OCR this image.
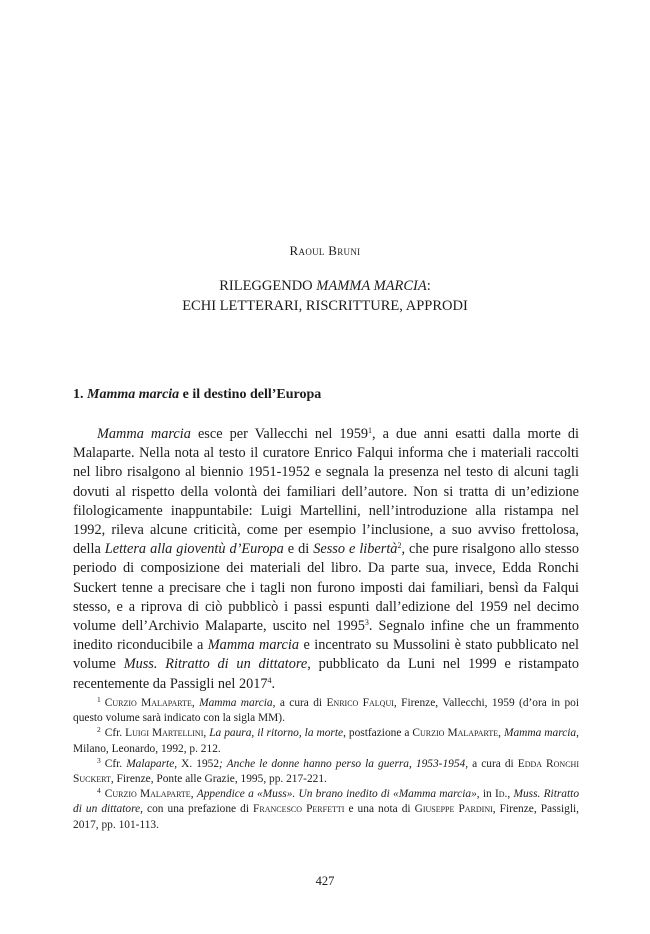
Raoul Bruni
RILEGGENDO MAMMA MARCIA:
ECHI LETTERARI, RISCRITTURE, APPRODI
1. Mamma marcia e il destino dell’Europa

Mamma marcia esce per Vallecchi nel 1959$^1$, a due anni esatti dalla morte di Malaparte. Nella nota al testo il curatore Enrico Falqui informa che i materiali raccolti nel libro risalgono al biennio 1951-1952 e segnala la presenza nel testo di alcuni tagli dovuti al rispetto della volontà dei familiari dell’autore. Non si tratta di un’edizione filologicamente inappuntabile: Luigi Martellini, nell’introduzione alla ristampa nel 1992, rileva alcune criticità, come per esempio l’inclusione, a suo avviso frettolosa, della Lettera alla gioventù d’Europa e di Sesso e libertà$^2$, che pure risalgono allo stesso periodo di composizione dei materiali del libro. Da parte sua, invece, Edda Ronchi Suckert tenne a precisare che i tagli non furono imposti dai familiari, bensì da Falqui stesso, e a riprova di ciò pubblicò i passi espunti dall’edizione del 1959 nel decimo volume dell’Archivio Malaparte, uscito nel 1995$^3$. Segnalo infine che un frammento inedito riconducibile a Mamma marcia e incentrato su Mussolini è stato pubblicato nel volume Muss. Ritratto di un dittatore, pubblicato da Luni nel 1999 e ristampato recentemente da Passigli nel 2017$^4$.

$^1$ Curzio Malaparte, Mamma marcia, a cura di Enrico Falqui, Firenze, Vallecchi, 1959 (d’ora in poi questo volume sarà indicato con la sigla MM).

$^2$ Cfr. Luigi Martellini, La paura, il ritorno, la morte, postfazione a Curzio Malaparte, Mamma marcia, Milano, Leonardo, 1992, p. 212.

$^3$ Cfr. Malaparte, X. 1952; Anche le donne hanno perso la guerra, 1953-1954, a cura di Edda Ronchi Suckert, Firenze, Ponte alle Grazie, 1995, pp. 217-221.

$^4$ Curzio Malaparte, Appendice a «Muss». Un brano inedito di «Mamma marcia», in Id., Muss. Ritratto di un dittatore, con una prefazione di Francesco Perfetti e una nota di Giuseppe Pardini, Firenze, Passigli, 2017, pp. 101-113.

427
